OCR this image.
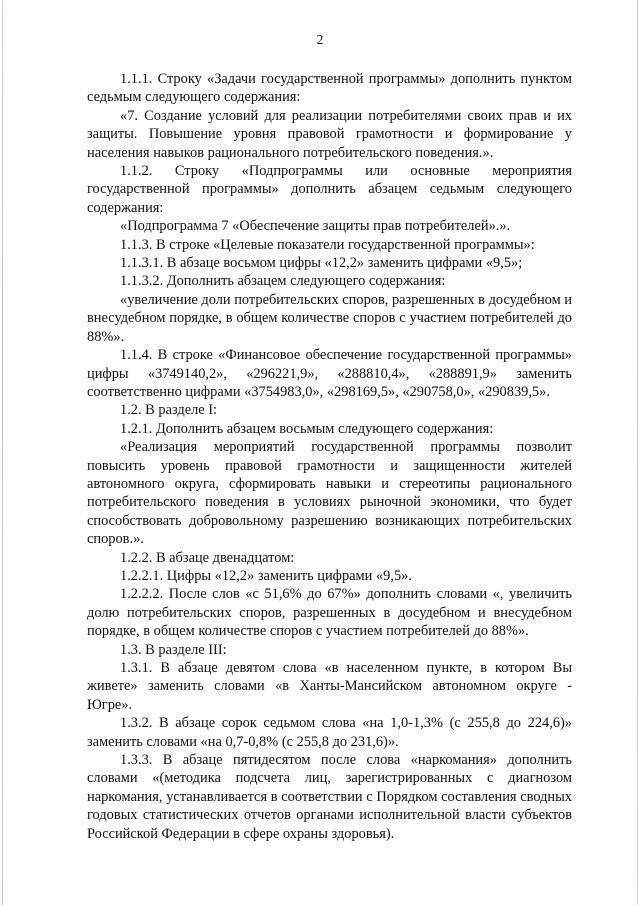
2

1.1.1. Строку «Задачи государственной программы» дополнить пунктом седьмым следующего содержания:

«7. Создание условий для реализации потребителями своих прав и их защиты. Повышение уровня правовой грамотности и формирование у населения навыков рационального потребительского поведения.».

1.1.2. Строку «Подпрограммы или основные мероприятия государственной программы» дополнить абзацем седьмым следующего содержания:

«Подпрограмма 7 «Обеспечение защиты прав потребителей».».

1.1.3. В строке «Целевые показатели государственной программы»:

1.1.3.1. В абзаце восьмом цифры «12,2» заменить цифрами «9,5»;

1.1.3.2. Дополнить абзацем следующего содержания:

«увеличение доли потребительских споров, разрешенных в досудебном и внесудебном порядке, в общем количестве споров с участием потребителей до 88%».

1.1.4. В строке «Финансовое обеспечение государственной программы» цифры «3749140,2», «296221,9», «288810,4», «288891,9» заменить соответственно цифрами «3754983,0», «298169,5», «290758,0», «290839,5».

1.2. В разделе I:

1.2.1. Дополнить абзацем восьмым следующего содержания:

«Реализация мероприятий государственной программы позволит повысить уровень правовой грамотности и защищенности жителей автономного округа, сформировать навыки и стереотипы рационального потребительского поведения в условиях рыночной экономики, что будет способствовать добровольному разрешению возникающих потребительских споров.».

1.2.2. В абзаце двенадцатом:

1.2.2.1. Цифры «12,2» заменить цифрами «9,5».

1.2.2.2. После слов «с 51,6% до 67%» дополнить словами «, увеличить долю потребительских споров, разрешенных в досудебном и внесудебном порядке, в общем количестве споров с участием потребителей до 88%».

1.3. В разделе III:

1.3.1. В абзаце девятом слова «в населенном пункте, в котором Вы живете» заменить словами «в Ханты-Мансийском автономном округе - Югре».

1.3.2. В абзаце сорок седьмом слова «на 1,0-1,3% (с 255,8 до 224,6)» заменить словами «на 0,7-0,8% (с 255,8 до 231,6)».

1.3.3. В абзаце пятидесятом после слова «наркомания» дополнить словами «(методика подсчета лиц, зарегистрированных с диагнозом наркомания, устанавливается в соответствии с Порядком составления сводных годовых статистических отчетов органами исполнительной власти субъектов Российской Федерации в сфере охраны здоровья).
